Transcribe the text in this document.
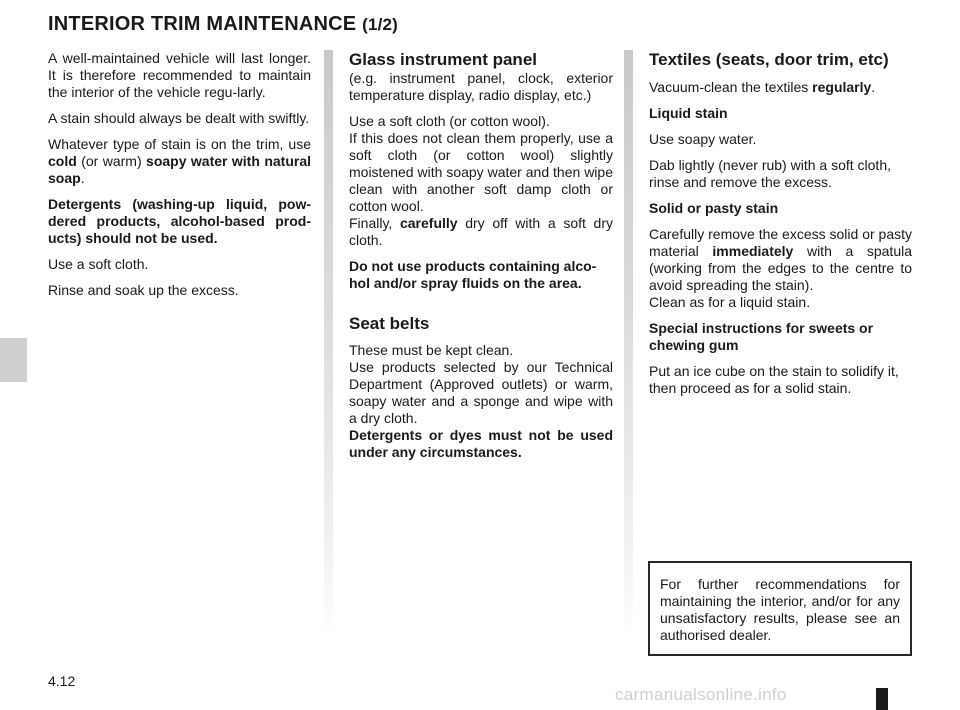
INTERIOR TRIM MAINTENANCE (1/2)

A well-maintained vehicle will last longer. It is therefore recommended to maintain the interior of the vehicle regu-larly.

A stain should always be dealt with swiftly.

Whatever type of stain is on the trim, use cold (or warm) soapy water with natural soap.

Detergents (washing-up liquid, pow-dered products, alcohol-based prod-ucts) should not be used.

Use a soft cloth.

Rinse and soak up the excess.

Glass instrument panel

(e.g. instrument panel, clock, exterior temperature display, radio display, etc.)

Use a soft cloth (or cotton wool).
If this does not clean them properly, use a soft cloth (or cotton wool) slightly moistened with soapy water and then wipe clean with another soft damp cloth or cotton wool.
Finally, carefully dry off with a soft dry cloth.

Do not use products containing alco-hol and/or spray fluids on the area.

Seat belts

These must be kept clean.
Use products selected by our Technical Department (Approved outlets) or warm, soapy water and a sponge and wipe with a dry cloth.
Detergents or dyes must not be used under any circumstances.

Textiles (seats, door trim, etc)

Vacuum-clean the textiles regularly.

Liquid stain

Use soapy water.

Dab lightly (never rub) with a soft cloth, rinse and remove the excess.

Solid or pasty stain

Carefully remove the excess solid or pasty material immediately with a spatula (working from the edges to the centre to avoid spreading the stain).
Clean as for a liquid stain.

Special instructions for sweets or chewing gum

Put an ice cube on the stain to solidify it, then proceed as for a solid stain.

For further recommendations for maintaining the interior, and/or for any unsatisfactory results, please see an authorised dealer.
4.12
carmanualsonline.info
